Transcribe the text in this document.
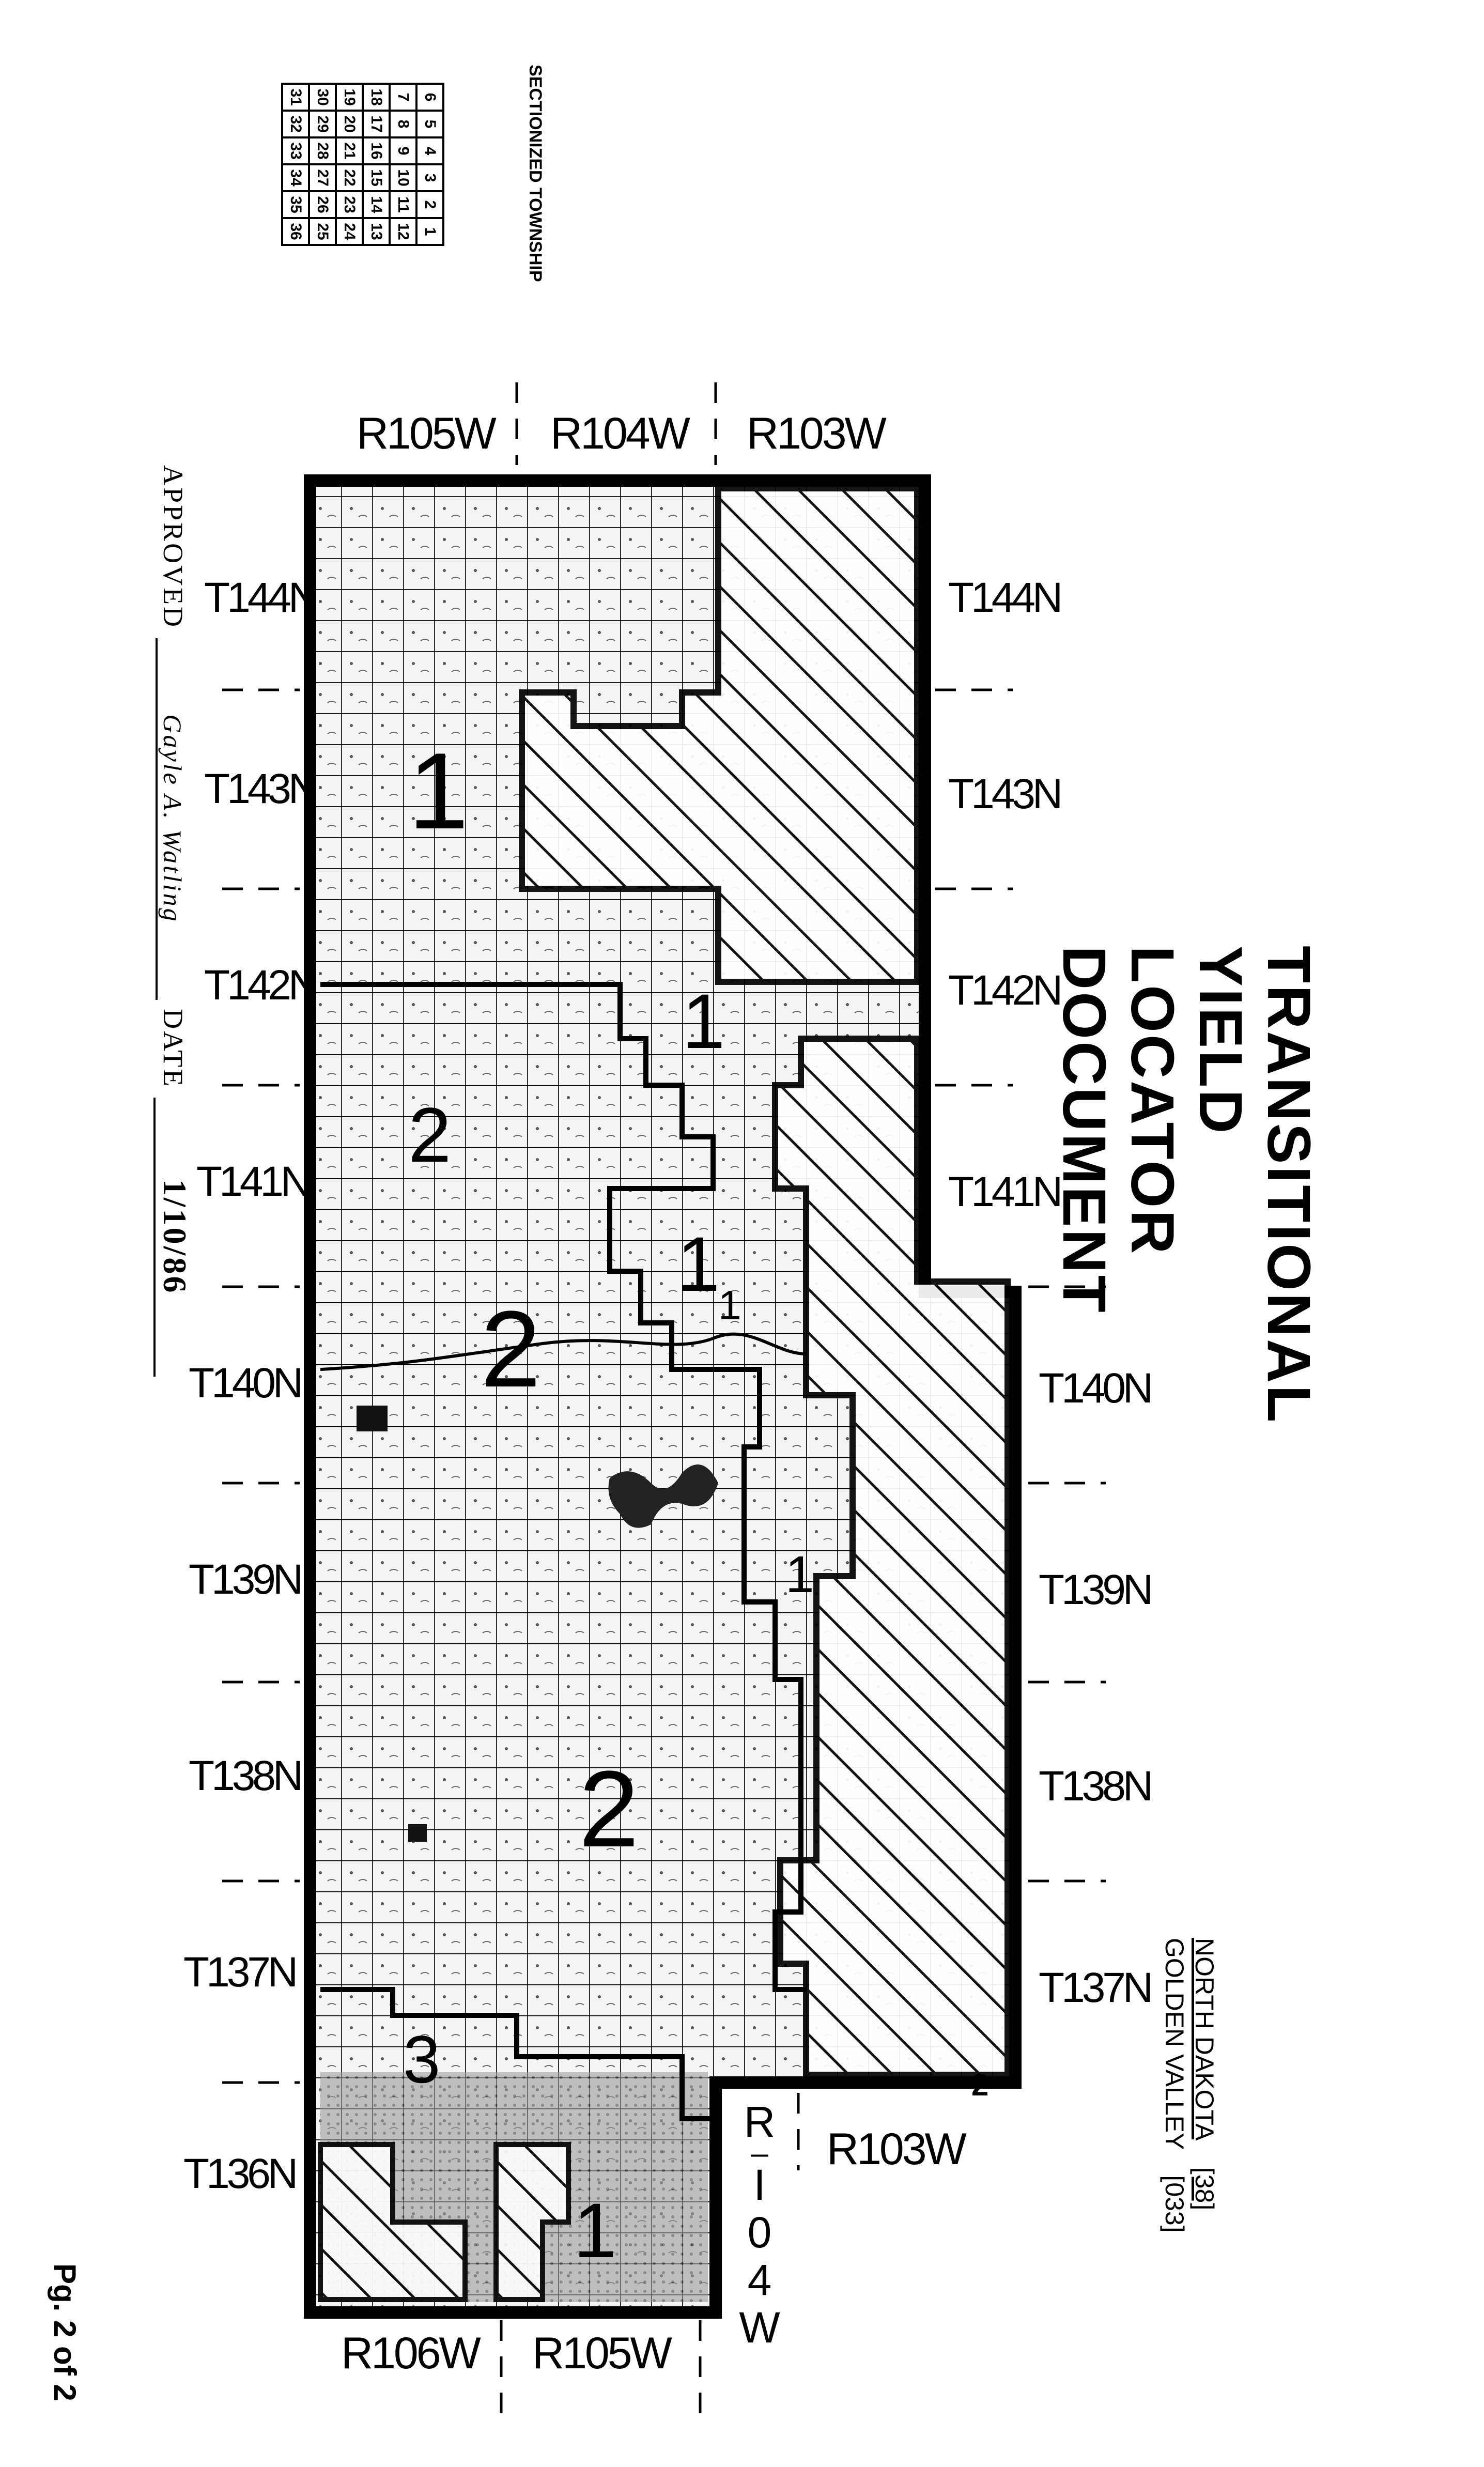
SECTIONIZED TOWNSHIP
6	5	4	3	2	1
7	8	9	10	11	12
18	17	16	15	14	13
19	20	21	22	23	24
30	29	28	27	26	25
31	32	33	34	35	36
R105W R104W R103W
R106W R105W
R103W
R
–
I
0
4
W
T144N
T143N
T142N
T141N
T140N
T139N
T138N
T137N
T136N
T144N
T143N
T142N
T141N
T140N
T139N
T138N
T137N
1
2
1
2
1
1
2
1
2
3
1
TRANSITIONAL YIELD
LOCATOR DOCUMENT
APPROVED Gayle A. Watling DATE 1/10/86
NORTH DAKOTA [38]
GOLDEN VALLEY [033]
Pg. 2 of 2
